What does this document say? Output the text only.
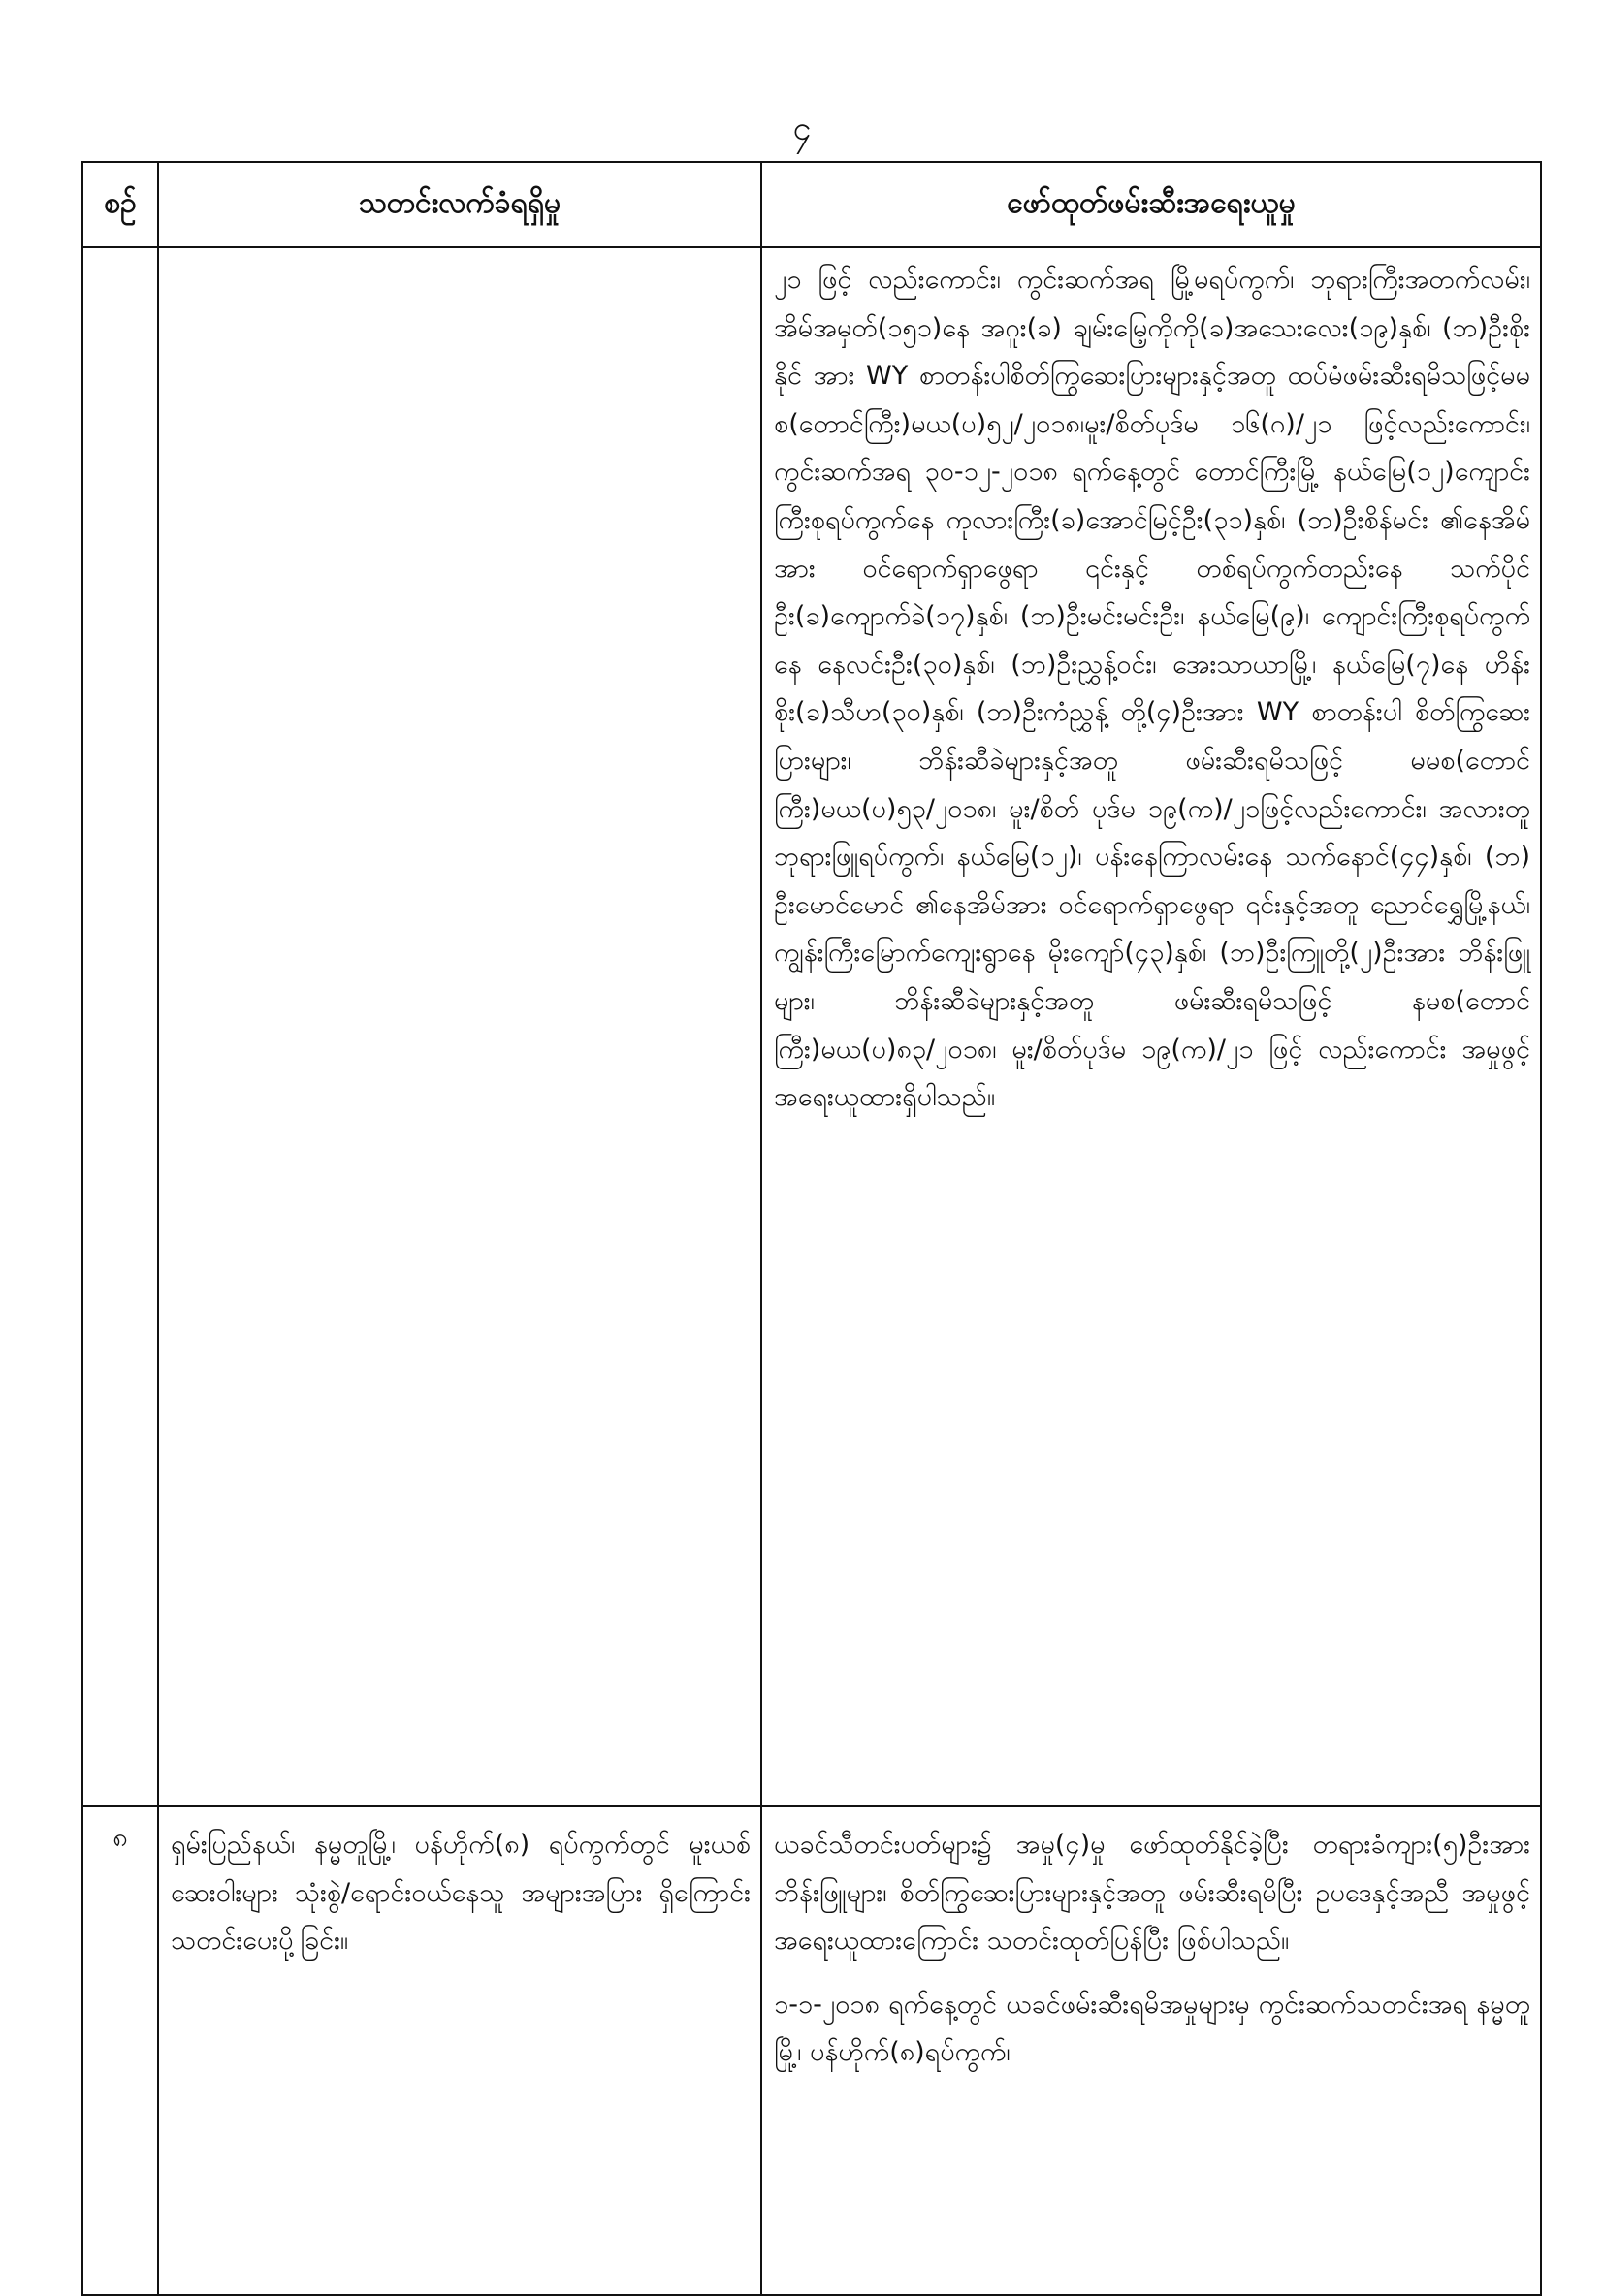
၄
စဉ်	သတင်းလက်ခံရရှိမှု	ဖော်ထုတ်ဖမ်းဆီးအရေးယူမှု

		၂၁ ဖြင့် လည်းကောင်း၊ ကွင်းဆက်အရ မြို့မရပ်ကွက်၊ ဘုရားကြီးအတက်လမ်း၊ အိမ်အမှတ်(၁၅၁)နေ အဂူး(ခ) ချမ်းမြေ့ကိုကို(ခ)အသေးလေး(၁၉)နှစ်၊ (ဘ)ဦးစိုးနိုင် အား WY စာတန်းပါစိတ်ကြွဆေးပြားများနှင့်အတူ ထပ်မံဖမ်းဆီးရမိသဖြင့်မမစ(တောင်ကြီး)မယ(ပ)၅၂/၂၀၁၈၊မူး/စိတ်ပုဒ်မ ၁၆(ဂ)/၂၁ ဖြင့်လည်းကောင်း၊ ကွင်းဆက်အရ ၃၀-၁၂-၂၀၁၈ ရက်နေ့တွင် တောင်ကြီးမြို့ နယ်မြေ(၁၂)ကျောင်းကြီးစုရပ်ကွက်နေ ကုလားကြီး(ခ)အောင်မြင့်ဦး(၃၁)နှစ်၊ (ဘ)ဦးစိန်မင်း ၏နေအိမ်အား ဝင်ရောက်ရှာဖွေရာ ၎င်းနှင့် တစ်ရပ်ကွက်တည်းနေ သက်ပိုင်ဦး(ခ)ကျောက်ခဲ(၁၇)နှစ်၊ (ဘ)ဦးမင်းမင်းဦး၊ နယ်မြေ(၉)၊ ကျောင်းကြီးစုရပ်ကွက်နေ နေလင်းဦး(၃၀)နှစ်၊ (ဘ)ဦးညွှန့်ဝင်း၊ အေးသာယာမြို့၊ နယ်မြေ(၇)နေ ဟိန်းစိုး(ခ)သီဟ(၃၀)နှစ်၊ (ဘ)ဦးကံညွှန့် တို့(၄)ဦးအား WY စာတန်းပါ စိတ်ကြွဆေးပြားများ၊ ဘိန်းဆီခဲများနှင့်အတူ ဖမ်းဆီးရမိသဖြင့် မမစ(တောင်ကြီး)မယ(ပ)၅၃/၂၀၁၈၊ မူး/စိတ် ပုဒ်မ ၁၉(က)/၂၁ဖြင့်လည်းကောင်း၊ အလားတူ ဘုရားဖြူရပ်ကွက်၊ နယ်မြေ(၁၂)၊ ပန်းနေကြာလမ်းနေ သက်နောင်(၄၄)နှစ်၊ (ဘ) ဦးမောင်မောင် ၏နေအိမ်အား ဝင်ရောက်ရှာဖွေရာ ၎င်းနှင့်အတူ ညောင်ရွှေမြို့နယ်၊ ကျွန်းကြီးမြောက်ကျေးရွာနေ မိုးကျော်(၄၃)နှစ်၊ (ဘ)ဦးကြူတို့(၂)ဦးအား ဘိန်းဖြူများ၊ ဘိန်းဆီခဲများနှင့်အတူ ဖမ်းဆီးရမိသဖြင့် နမစ(တောင်ကြီး)မယ(ပ)၈၃/၂၀၁၈၊ မူး/စိတ်ပုဒ်မ ၁၉(က)/၂၁ ဖြင့် လည်းကောင်း အမှုဖွင့် အရေးယူထားရှိပါသည်။

၈	ရှမ်းပြည်နယ်၊ နမ္မတူမြို့၊ ပန်ဟိုက်(၈) ရပ်ကွက်တွင် မူးယစ်ဆေးဝါးများ သုံးစွဲ/ရောင်းဝယ်နေသူ အများအပြား ရှိကြောင်း သတင်းပေးပို့ခြင်း။	ယခင်သီတင်းပတ်များ၌ အမှု(၄)မှု ဖော်ထုတ်နိုင်ခဲ့ပြီး တရားခံကျား(၅)ဦးအား ဘိန်းဖြူများ၊ စိတ်ကြွဆေးပြားများနှင့်အတူ ဖမ်းဆီးရမိပြီး ဥပဒေနှင့်အညီ အမှုဖွင့်အရေးယူထားကြောင်း သတင်းထုတ်ပြန်ပြီး ဖြစ်ပါသည်။

၁-၁-၂၀၁၈ ရက်နေ့တွင် ယခင်ဖမ်းဆီးရမိအမှုများမှ ကွင်းဆက်သတင်းအရ နမ္မတူမြို့၊ ပန်ဟိုက်(၈)ရပ်ကွက်၊
